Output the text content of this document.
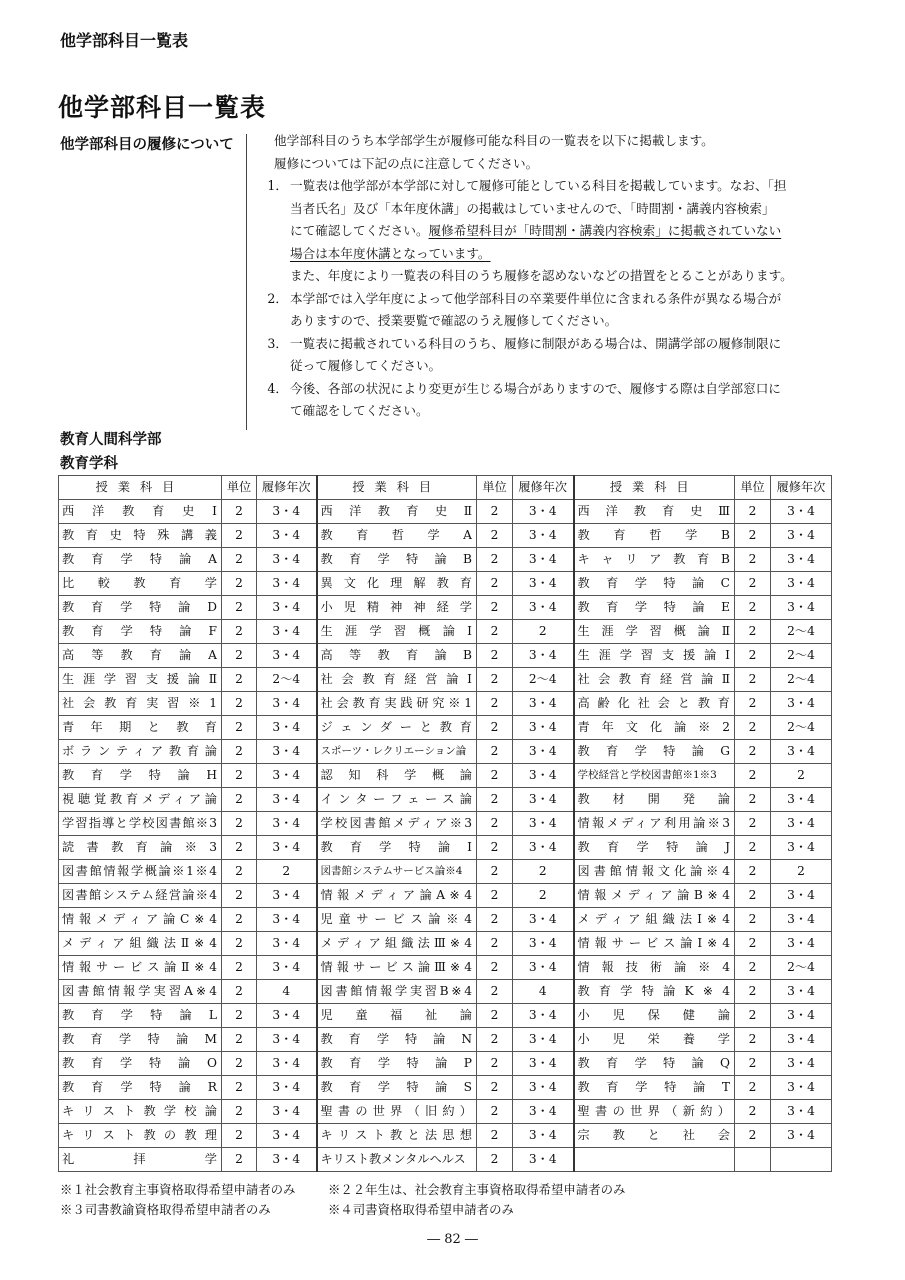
他学部科目一覧表
他学部科目一覧表
他学部科目の履修について	他学部科目のうち本学部学生が履修可能な科目の一覧表を以下に掲載します。
履修については下記の点に注意してください。
1． 一覧表は他学部が本学部に対して履修可能としている科目を掲載しています。なお、「担
当者氏名」及び「本年度休講」の掲載はしていませんので、「時間割・講義内容検索」
にて確認してください。履修希望科目が「時間割・講義内容検索」に掲載されていない
場合は本年度休講となっています。
また、年度により一覧表の科目のうち履修を認めないなどの措置をとることがあります。
2． 本学部では入学年度によって他学部科目の卒業要件単位に含まれる条件が異なる場合が
ありますので、授業要覧で確認のうえ履修してください。
3． 一覧表に掲載されている科目のうち、履修に制限がある場合は、開講学部の履修制限に
従って履修してください。
4． 今後、各部の状況により変更が生じる場合がありますので、履修する際は自学部窓口に
て確認をしてください。
教育人間科学部
教育学科
授業科目	単位	履修年次	授業科目	単位	履修年次	授業科目	単位	履修年次
西洋教育史Ⅰ	2	3・4	西洋教育史Ⅱ	2	3・4	西洋教育史Ⅲ	2	3・4
教育史特殊講義	2	3・4	教育哲学A	2	3・4	教育哲学B	2	3・4
教育学特論A	2	3・4	教育学特論B	2	3・4	キャリア教育B	2	3・4
比較教育学	2	3・4	異文化理解教育	2	3・4	教育学特論C	2	3・4
教育学特論D	2	3・4	小児精神神経学	2	3・4	教育学特論E	2	3・4
教育学特論F	2	3・4	生涯学習概論Ⅰ	2	2	生涯学習概論Ⅱ	2	2〜4
高等教育論A	2	3・4	高等教育論B	2	3・4	生涯学習支援論Ⅰ	2	2〜4
生涯学習支援論Ⅱ	2	2〜4	社会教育経営論Ⅰ	2	2〜4	社会教育経営論Ⅱ	2	2〜4
社会教育実習※1	2	3・4	社会教育実践研究※1	2	3・4	高齢化社会と教育	2	3・4
青年期と教育	2	3・4	ジェンダーと教育	2	3・4	青年文化論※2	2	2〜4
ボランティア教育論	2	3・4	スポーツ・レクリエーション論	2	3・4	教育学特論G	2	3・4
教育学特論H	2	3・4	認知科学概論	2	3・4	学校経営と学校図書館※1※3	2	2
視聴覚教育メディア論	2	3・4	インターフェース論	2	3・4	教材開発論	2	3・4
学習指導と学校図書館※3	2	3・4	学校図書館メディア※3	2	3・4	情報メディア利用論※3	2	3・4
読書教育論※3	2	3・4	教育学特論Ⅰ	2	3・4	教育学特論J	2	3・4
図書館情報学概論※1※4	2	2	図書館システムサービス論※4	2	2	図書館情報文化論※4	2	2
図書館システム経営論※4	2	3・4	情報メディア論A※4	2	2	情報メディア論B※4	2	3・4
情報メディア論C※4	2	3・4	児童サービス論※4	2	3・4	メディア組織法Ⅰ※4	2	3・4
メディア組織法Ⅱ※4	2	3・4	メディア組織法Ⅲ※4	2	3・4	情報サービス論Ⅰ※4	2	3・4
情報サービス論Ⅱ※4	2	3・4	情報サービス論Ⅲ※4	2	3・4	情報技術論※4	2	2〜4
図書館情報学実習A※4	2	4	図書館情報学実習B※4	2	4	教育学特論K※4	2	3・4
教育学特論L	2	3・4	児童福祉論	2	3・4	小児保健論	2	3・4
教育学特論M	2	3・4	教育学特論N	2	3・4	小児栄養学	2	3・4
教育学特論O	2	3・4	教育学特論P	2	3・4	教育学特論Q	2	3・4
教育学特論R	2	3・4	教育学特論S	2	3・4	教育学特論T	2	3・4
キリスト教学校論	2	3・4	聖書の世界（旧約）	2	3・4	聖書の世界（新約）	2	3・4
キリスト教の教理	2	3・4	キリスト教と法思想	2	3・4	宗教と社会	2	3・4
礼拝学	2	3・4	キリスト教メンタルヘルス	2	3・4			
※１社会教育主事資格取得希望申請者のみ	※２２年生は、社会教育主事資格取得希望申請者のみ
※３司書教諭資格取得希望申請者のみ	※４司書資格取得希望申請者のみ
― 82 ―
